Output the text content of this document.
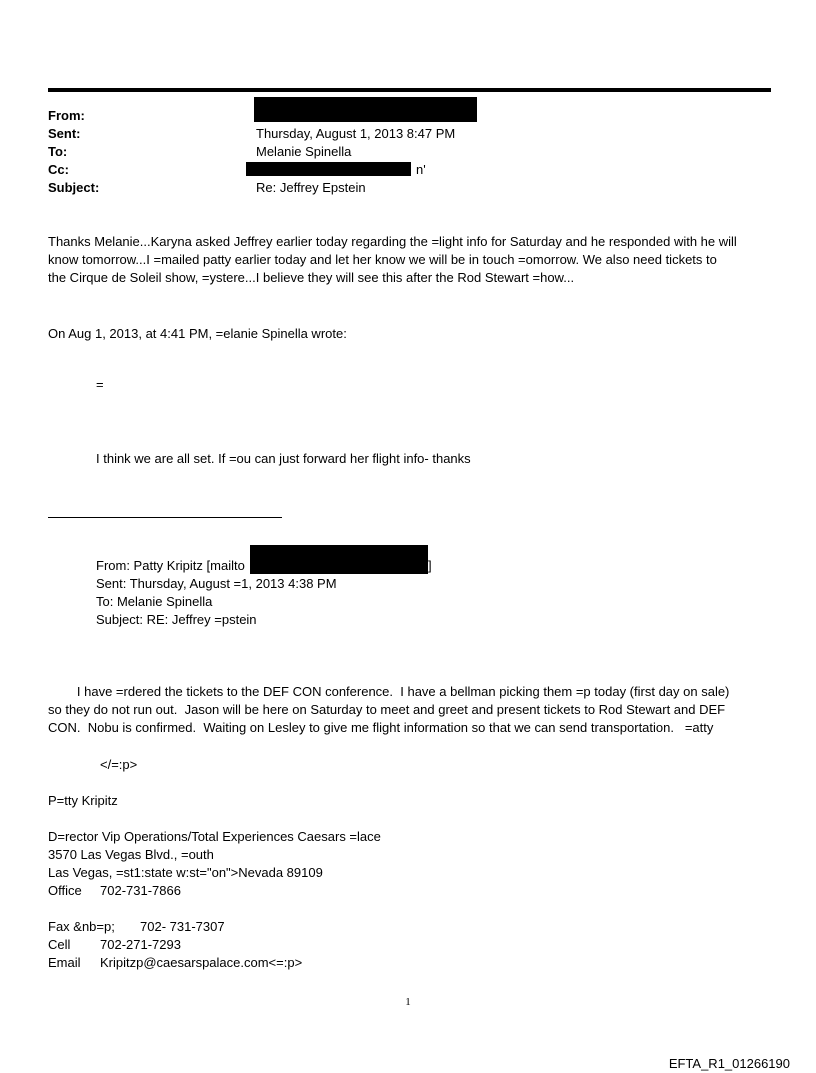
From:
Sent:	Thursday, August 1, 2013 8:47 PM
To:	Melanie Spinella
Cc:	n'
Subject:	Re: Jeffrey Epstein
Thanks Melanie...Karyna asked Jeffrey earlier today regarding the =light info for Saturday and he responded with he will
know tomorrow...I =mailed patty earlier today and let her know we will be in touch =omorrow. We also need tickets to
the Cirque de Soleil show, =ystere...I believe they will see this after the Rod Stewart =how...
On Aug 1, 2013, at 4:41 PM, =elanie Spinella wrote:
=
I think we are all set. If =ou can just forward her flight info- thanks
From: Patty Kripitz [mailto	]
Sent: Thursday, August =1, 2013 4:38 PM
To: Melanie Spinella
Subject: RE: Jeffrey =pstein
I have =rdered the tickets to the DEF CON conference.  I have a bellman picking them =p today (first day on sale)
so they do not run out.  Jason will be here on Saturday to meet and greet and present tickets to Rod Stewart and DEF
CON.  Nobu is confirmed.  Waiting on Lesley to give me flight information so that we can send transportation.   =atty
</=:p>
P=tty Kripitz
D=rector Vip Operations/Total Experiences Caesars =lace
3570 Las Vegas Blvd., =outh
Las Vegas, =st1:state w:st="on">Nevada 89109
Office 702-731-7866
Fax &nb=p; 702- 731-7307
Cell 702-271-7293
Email Kripitzp@caesarspalace.com<=:p>
1
EFTA_R1_01266190
